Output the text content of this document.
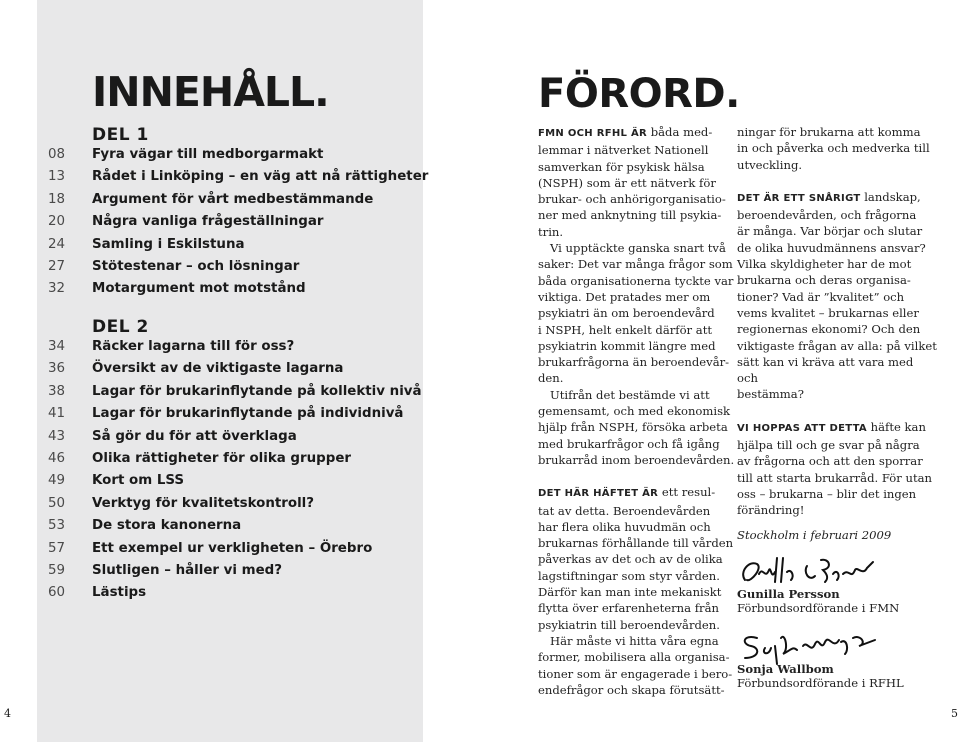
INNEHÅLL.
DEL 1
08	Fyra vägar till medborgarmakt
13	Rådet i Linköping – en väg att nå rättigheter
18	Argument för vårt medbestämmande
20	Några vanliga frågeställningar
24	Samling i Eskilstuna
27	Stötestenar – och lösningar
32	Motargument mot motstånd
DEL 2
34	Räcker lagarna till för oss?
36	Översikt av de viktigaste lagarna
38	Lagar för brukarinflytande på kollektiv nivå
41	Lagar för brukarinflytande på individnivå
43	Så gör du för att överklaga
46	Olika rättigheter för olika grupper
49	Kort om LSS
50	Verktyg för kvalitetskontroll?
53	De stora kanonerna
57	Ett exempel ur verkligheten – Örebro
59	Slutligen – håller vi med?
60	Lästips
4	5
FÖRORD.

FMN OCH RFHL ÄR båda med-
lemmar i nätverket Nationell
samverkan för psykisk hälsa
(NSPH) som är ett nätverk för
brukar- och anhörigorganisatio-
ner med anknytning till psykia-
trin.

Vi upptäckte ganska snart två
saker: Det var många frågor som
båda organisationerna tyckte var
viktiga. Det pratades mer om
psykiatri än om beroendevård
i NSPH, helt enkelt därför att
psykiatrin kommit längre med
brukarfrågorna än beroendevår-
den.

Utifrån det bestämde vi att
gemensamt, och med ekonomisk
hjälp från NSPH, försöka arbeta
med brukarfrågor och få igång
brukarråd inom beroendevården.

DET HÄR HÄFTET ÄR ett resul-
tat av detta. Beroendevården
har flera olika huvudmän och
brukarnas förhållande till vården
påverkas av det och av de olika
lagstiftningar som styr vården.
Därför kan man inte mekaniskt
flytta över erfarenheterna från
psykiatrin till beroendevården.

Här måste vi hitta våra egna
former, mobilisera alla organisa-
tioner som är engagerade i bero-
endefrågor och skapa förutsätt-

ningar för brukarna att komma
in och påverka och medverka till
utveckling.

DET ÄR ETT SNÅRIGT landskap,
beroendevården, och frågorna
är många. Var börjar och slutar
de olika huvudmännens ansvar?
Vilka skyldigheter har de mot
brukarna och deras organisa-
tioner? Vad är ”kvalitet” och
vems kvalitet – brukarnas eller
regionernas ekonomi? Och den
viktigaste frågan av alla: på vilket
sätt kan vi kräva att vara med och
bestämma?

VI HOPPAS ATT DETTA häfte kan
hjälpa till och ge svar på några
av frågorna och att den sporrar
till att starta brukarråd. För utan
oss – brukarna – blir det ingen
förändring!

Stockholm i februari 2009
Gunilla Persson
Förbundsordförande i FMN
Sonja Wallbom
Förbundsordförande i RFHL
